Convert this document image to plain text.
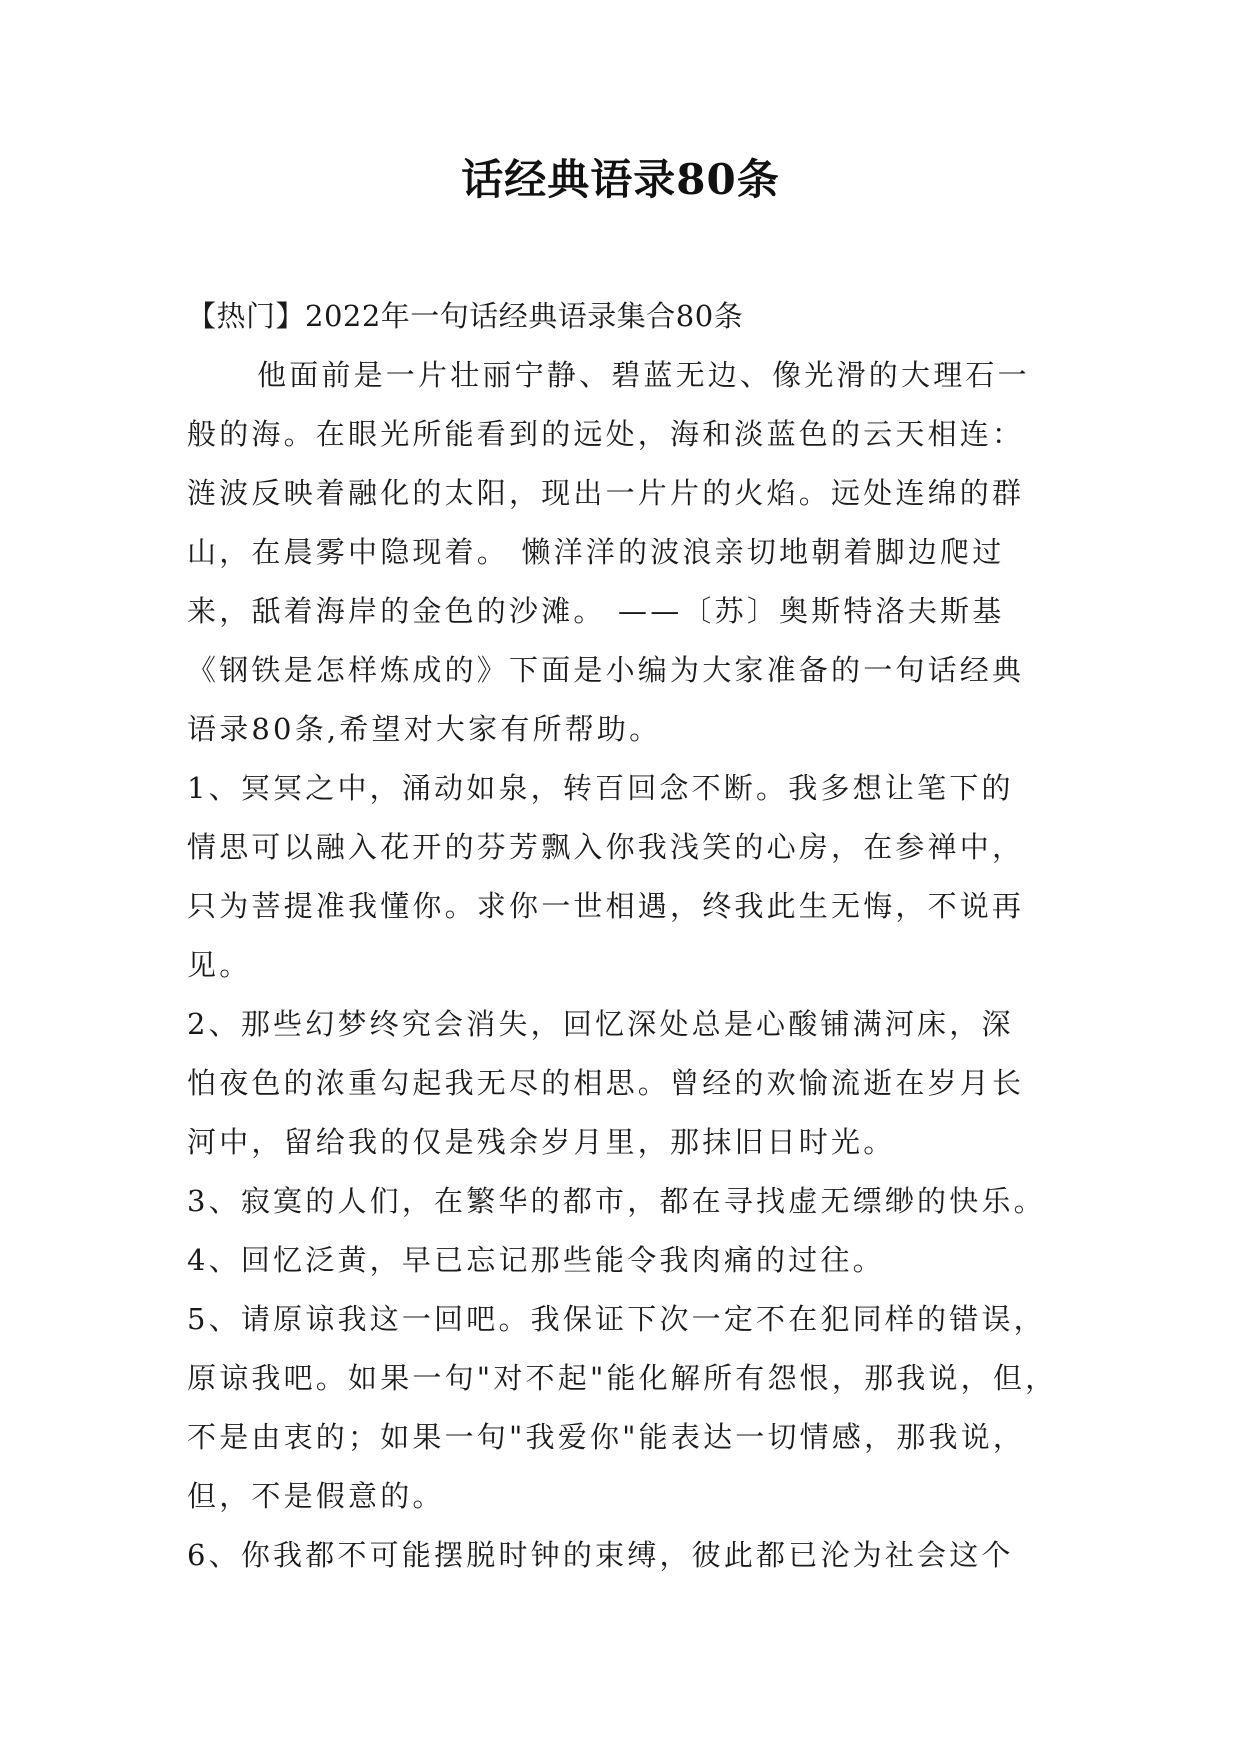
话经典语录80条
【热门】2022年一句话经典语录集合80条
他面前是一片壮丽宁静、碧蓝无边、像光滑的大理石一
般的海。在眼光所能看到的远处，海和淡蓝色的云天相连：
涟波反映着融化的太阳，现出一片片的火焰。远处连绵的群
山，在晨雾中隐现着。 懒洋洋的波浪亲切地朝着脚边爬过
来，舐着海岸的金色的沙滩。 ——〔苏〕奥斯特洛夫斯基
《钢铁是怎样炼成的》下面是小编为大家准备的一句话经典
语录80条,希望对大家有所帮助。
1、冥冥之中，涌动如泉，转百回念不断。我多想让笔下的
情思可以融入花开的芬芳飘入你我浅笑的心房，在参禅中，
只为菩提准我懂你。求你一世相遇，终我此生无悔，不说再
见。
2、那些幻梦终究会消失，回忆深处总是心酸铺满河床，深
怕夜色的浓重勾起我无尽的相思。曾经的欢愉流逝在岁月长
河中，留给我的仅是残余岁月里，那抹旧日时光。
3、寂寞的人们，在繁华的都市，都在寻找虚无缥缈的快乐。
4、回忆泛黄，早已忘记那些能令我肉痛的过往。
5、请原谅我这一回吧。我保证下次一定不在犯同样的错误，
原谅我吧。如果一句"对不起"能化解所有怨恨，那我说，但，
不是由衷的；如果一句"我爱你"能表达一切情感，那我说，
但，不是假意的。
6、你我都不可能摆脱时钟的束缚，彼此都已沦为社会这个
